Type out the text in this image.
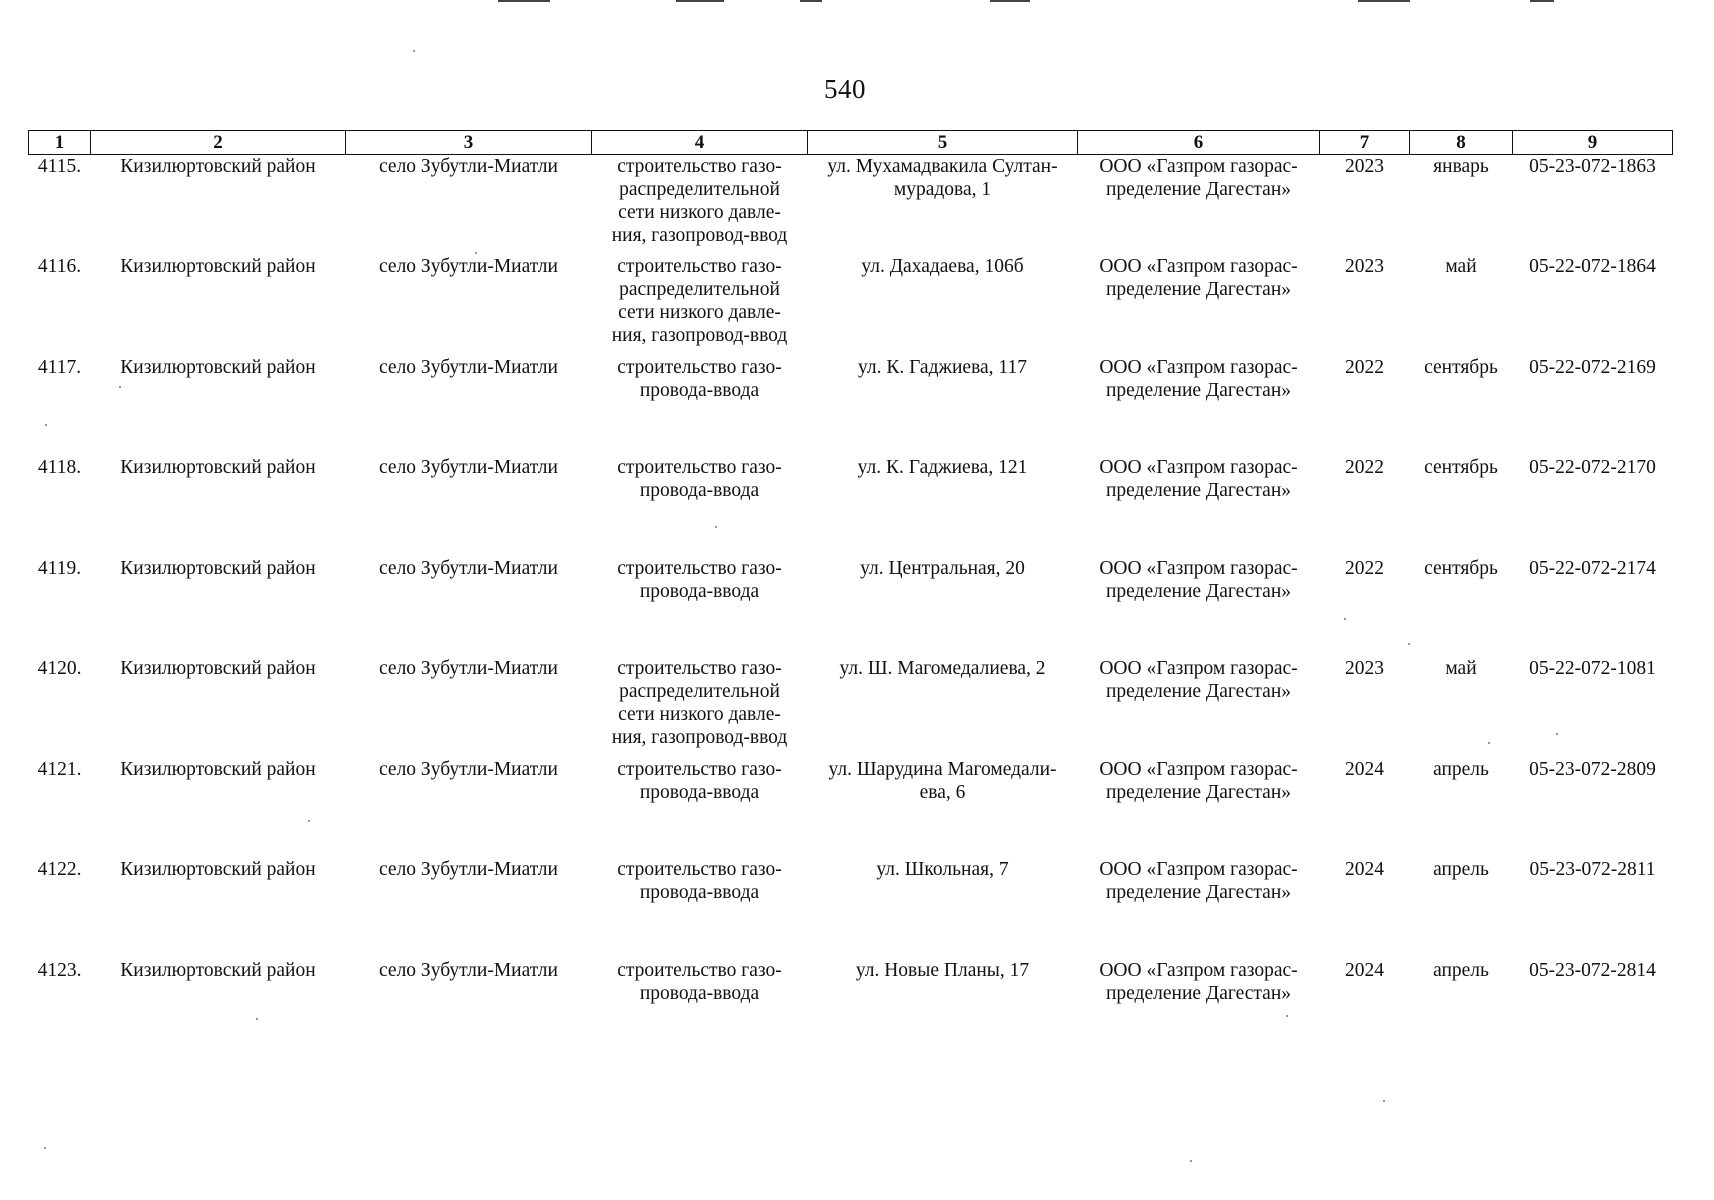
540
1	2	3	4	5	6	7	8	9
4115.	Кизилюртовский район	село Зубутли-Миатли	строительство газо-
распределительной
сети низкого давле-
ния, газопровод-ввод	ул. Мухамадвакила Султан-
мурадова, 1	ООО «Газпром газорас-
пределение Дагестан»	2023	январь	05-23-072-1863
4116.	Кизилюртовский район	село Зубутли-Миатли	строительство газо-
распределительной
сети низкого давле-
ния, газопровод-ввод	ул. Дахадаева, 106б	ООО «Газпром газорас-
пределение Дагестан»	2023	май	05-22-072-1864
4117.	Кизилюртовский район	село Зубутли-Миатли	строительство газо-
провода-ввода	ул. К. Гаджиева, 117	ООО «Газпром газорас-
пределение Дагестан»	2022	сентябрь	05-22-072-2169
4118.	Кизилюртовский район	село Зубутли-Миатли	строительство газо-
провода-ввода	ул. К. Гаджиева, 121	ООО «Газпром газорас-
пределение Дагестан»	2022	сентябрь	05-22-072-2170
4119.	Кизилюртовский район	село Зубутли-Миатли	строительство газо-
провода-ввода	ул. Центральная, 20	ООО «Газпром газорас-
пределение Дагестан»	2022	сентябрь	05-22-072-2174
4120.	Кизилюртовский район	село Зубутли-Миатли	строительство газо-
распределительной
сети низкого давле-
ния, газопровод-ввод	ул. Ш. Магомедалиева, 2	ООО «Газпром газорас-
пределение Дагестан»	2023	май	05-22-072-1081
4121.	Кизилюртовский район	село Зубутли-Миатли	строительство газо-
провода-ввода	ул. Шарудина Магомедали-
ева, 6	ООО «Газпром газорас-
пределение Дагестан»	2024	апрель	05-23-072-2809
4122.	Кизилюртовский район	село Зубутли-Миатли	строительство газо-
провода-ввода	ул. Школьная, 7	ООО «Газпром газорас-
пределение Дагестан»	2024	апрель	05-23-072-2811
4123.	Кизилюртовский район	село Зубутли-Миатли	строительство газо-
провода-ввода	ул. Новые Планы, 17	ООО «Газпром газорас-
пределение Дагестан»	2024	апрель	05-23-072-2814
